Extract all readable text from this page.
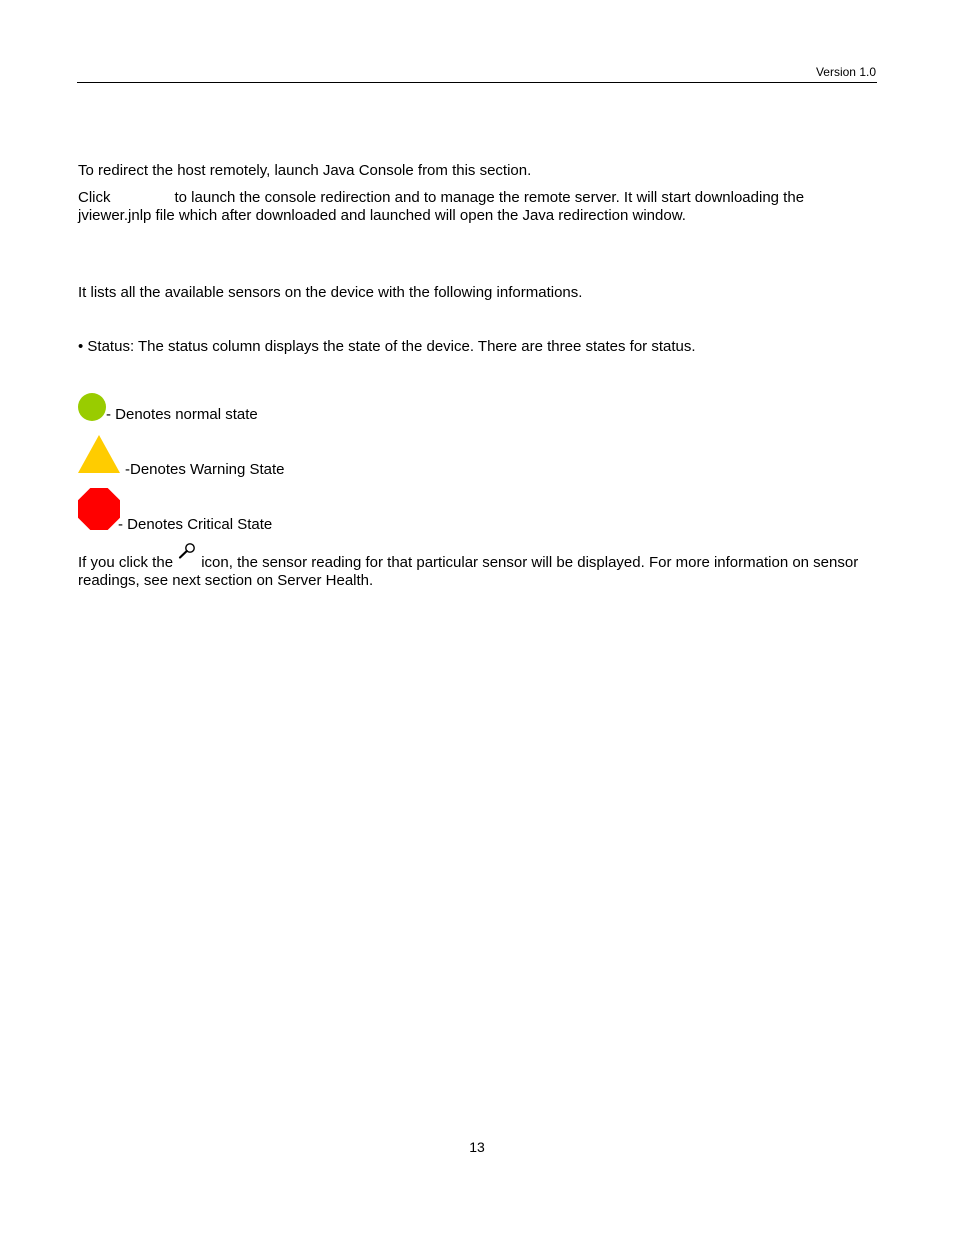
Version 1.0

To redirect the host remotely, launch Java Console from this section.

Click	to launch the console redirection and to manage the remote server. It will start downloading the jviewer.jnlp file which after downloaded and launched will open the Java redirection window.

It lists all the available sensors on the device with the following informations.

• Status: The status column displays the state of the device. There are three states for status.

- Denotes normal state
-Denotes Warning State
- Denotes Critical State

If you click the icon, the sensor reading for that particular sensor will be displayed. For more information on sensor readings, see next section on Server Health.

13
